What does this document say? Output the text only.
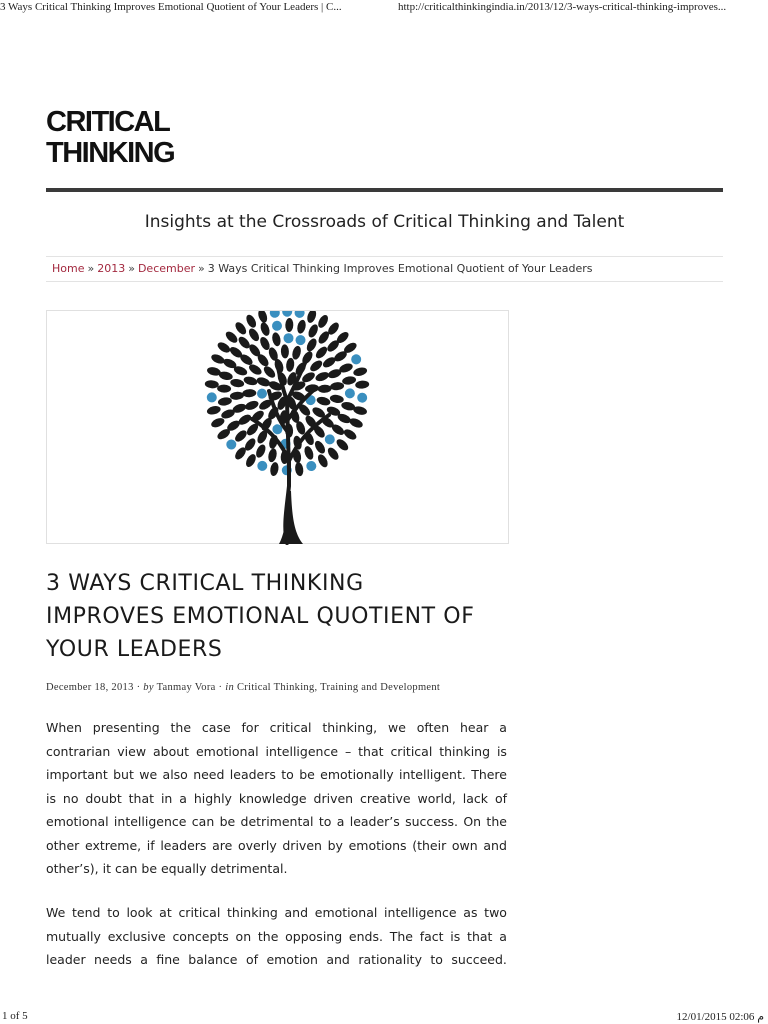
3 Ways Critical Thinking Improves Emotional Quotient of Your Leaders | C...	http://criticalthinkingindia.in/2013/12/3-ways-critical-thinking-improves...
CRITICAL
THINKING
Insights at the Crossroads of Critical Thinking and Talent
Home » 2013 » December » 3 Ways Critical Thinking Improves Emotional Quotient of Your Leaders
3 WAYS CRITICAL THINKING
IMPROVES EMOTIONAL QUOTIENT OF
YOUR LEADERS
December 18, 2013 · by Tanmay Vora · in Critical Thinking, Training and Development
When presenting the case for critical thinking, we often hear a
contrarian view about emotional intelligence – that critical thinking is
important but we also need leaders to be emotionally intelligent. There
is no doubt that in a highly knowledge driven creative world, lack of
emotional intelligence can be detrimental to a leader’s success. On the
other extreme, if leaders are overly driven by emotions (their own and
other’s), it can be equally detrimental.
We tend to look at critical thinking and emotional intelligence as two
mutually exclusive concepts on the opposing ends. The fact is that a
leader needs a fine balance of emotion and rationality to succeed.
1 of 5	12/01/2015 02:06 م
